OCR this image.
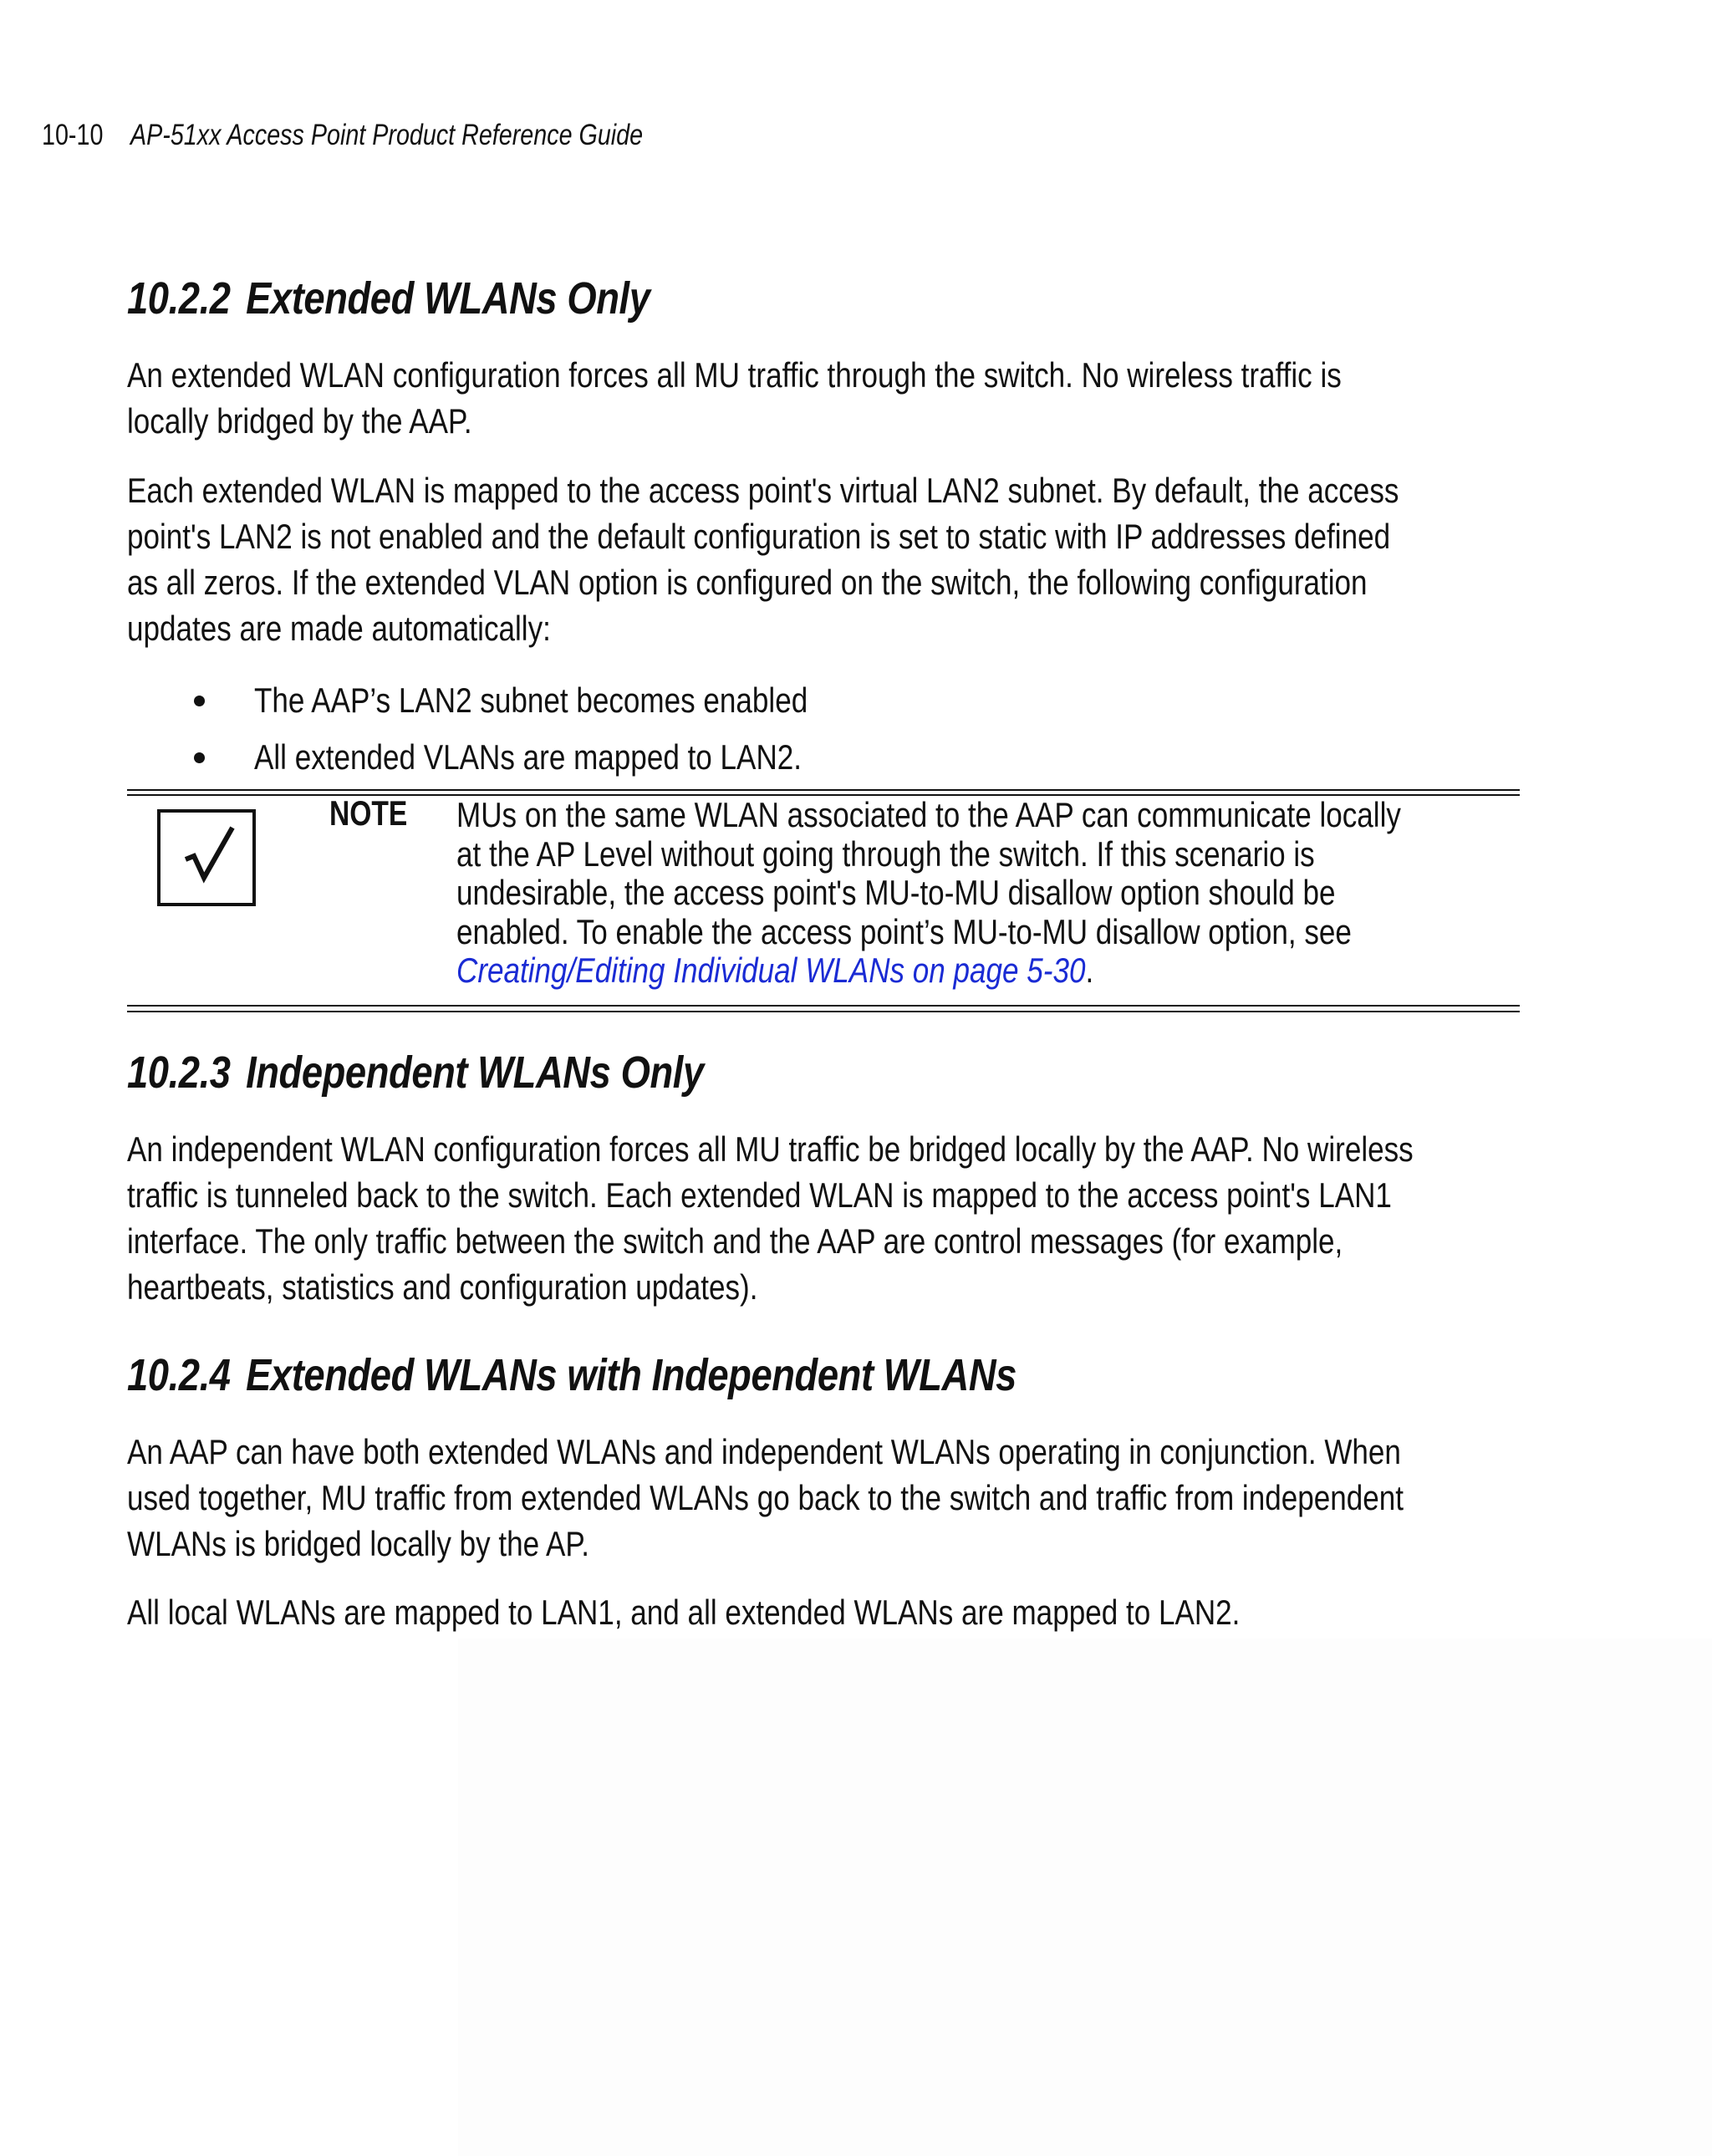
10-10 AP-51xx Access Point Product Reference Guide
10.2.2 Extended WLANs Only

An extended WLAN configuration forces all MU traffic through the switch. No wireless traffic is
locally bridged by the AAP.

Each extended WLAN is mapped to the access point's virtual LAN2 subnet. By default, the access
point's LAN2 is not enabled and the default configuration is set to static with IP addresses defined
as all zeros. If the extended VLAN option is configured on the switch, the following configuration
updates are made automatically:

The AAP’s LAN2 subnet becomes enabled
All extended VLANs are mapped to LAN2.
NOTE MUs on the same WLAN associated to the AAP can communicate locally
at the AP Level without going through the switch. If this scenario is
undesirable, the access point's MU-to-MU disallow option should be
enabled. To enable the access point’s MU-to-MU disallow option, see
Creating/Editing Individual WLANs on page 5-30.
10.2.3 Independent WLANs Only

An independent WLAN configuration forces all MU traffic be bridged locally by the AAP. No wireless
traffic is tunneled back to the switch. Each extended WLAN is mapped to the access point's LAN1
interface. The only traffic between the switch and the AAP are control messages (for example,
heartbeats, statistics and configuration updates).

10.2.4 Extended WLANs with Independent WLANs

An AAP can have both extended WLANs and independent WLANs operating in conjunction. When
used together, MU traffic from extended WLANs go back to the switch and traffic from independent
WLANs is bridged locally by the AP.

All local WLANs are mapped to LAN1, and all extended WLANs are mapped to LAN2.
